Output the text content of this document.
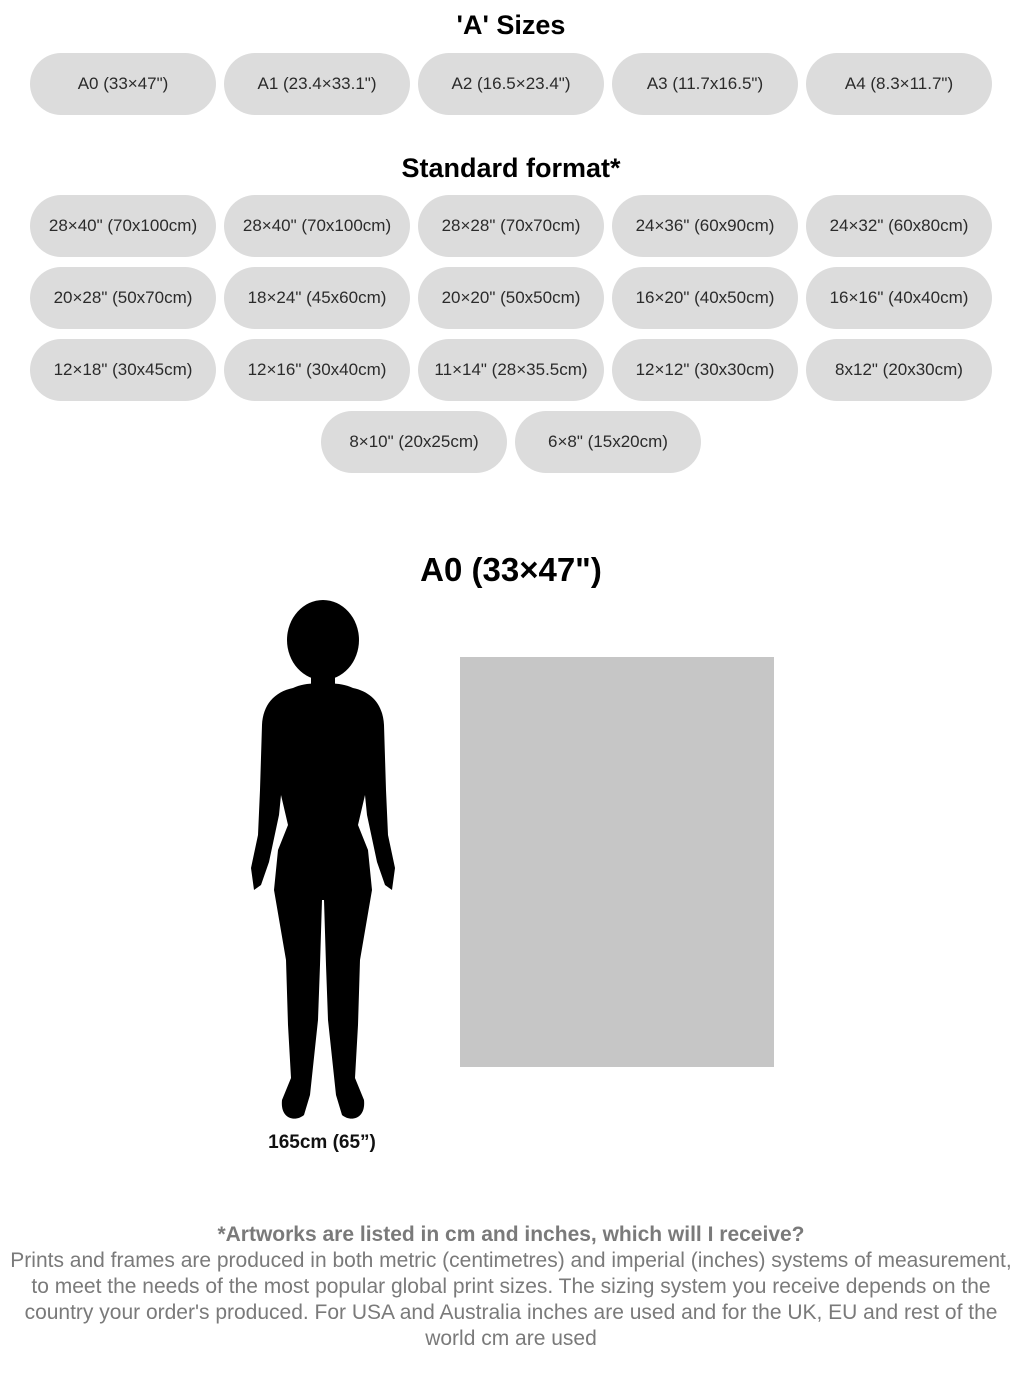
'A' Sizes
A0 (33×47")	A1 (23.4×33.1")	A2 (16.5×23.4")	A3 (11.7x16.5")	A4 (8.3×11.7")
Standard format*
28×40" (70x100cm)	28×40" (70x100cm)	28×28" (70x70cm)	24×36" (60x90cm)	24×32" (60x80cm)
20×28" (50x70cm)	18×24" (45x60cm)	20×20" (50x50cm)	16×20" (40x50cm)	16×16" (40x40cm)
12×18" (30x45cm)	12×16" (30x40cm)	11×14" (28×35.5cm)	12×12" (30x30cm)	8x12" (20x30cm)
8×10" (20x25cm)	6×8" (15x20cm)
A0 (33×47")
165cm (65”)
*Artworks are listed in cm and inches, which will I receive?
Prints and frames are produced in both metric (centimetres) and imperial (inches) systems of measurement, to meet the needs of the most popular global print sizes. The sizing system you receive depends on the country your order's produced. For USA and Australia inches are used and for the UK, EU and rest of the world cm are used
